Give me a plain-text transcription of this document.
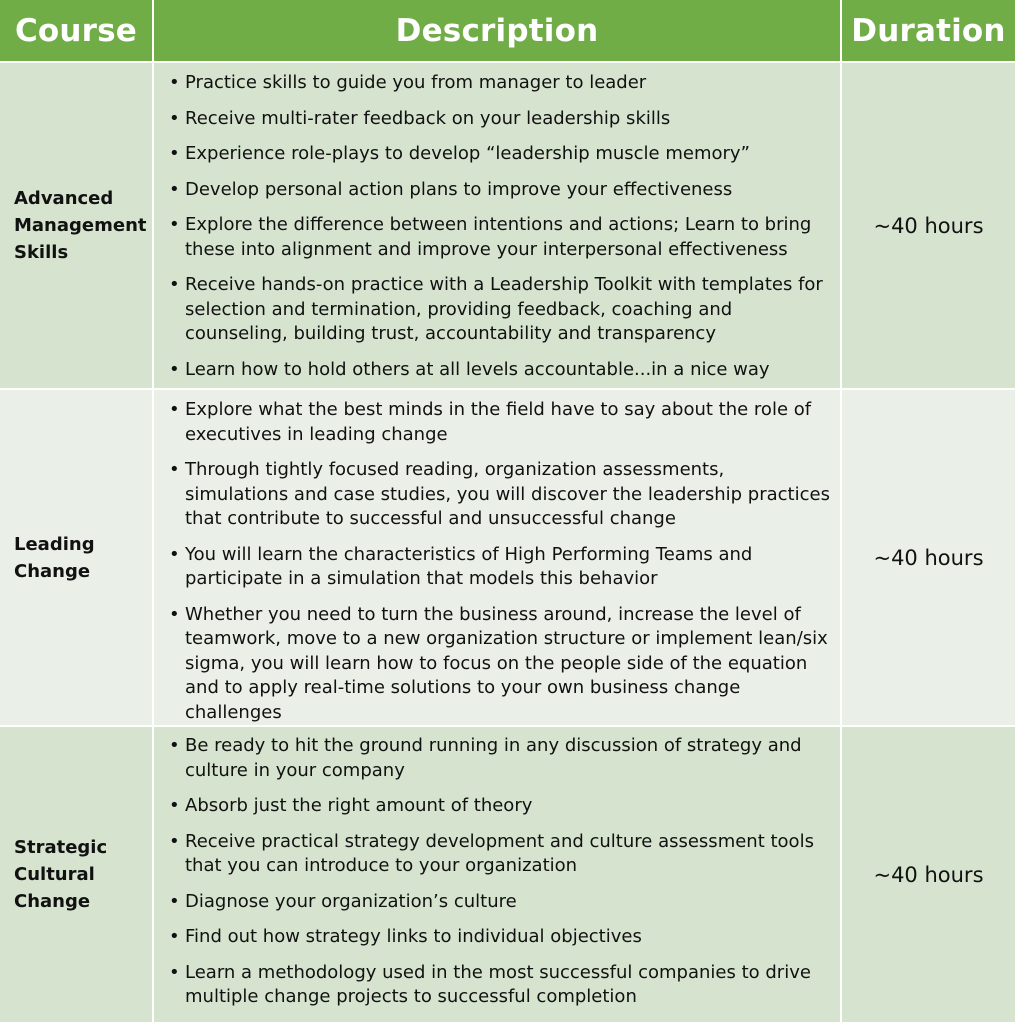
Course	Description	Duration
Advanced
Management
Skills
• Practice skills to guide you from manager to leader
• Receive multi-rater feedback on your leadership skills
• Experience role-plays to develop “leadership muscle memory”
• Develop personal action plans to improve your effectiveness
• Explore the difference between intentions and actions; Learn to bring these into alignment and improve your interpersonal effectiveness
• Receive hands-on practice with a Leadership Toolkit with templates for selection and termination, providing feedback, coaching and counseling, building trust, accountability and transparency
• Learn how to hold others at all levels accountable...in a nice way
~40 hours
Leading
Change
• Explore what the best minds in the field have to say about the role of executives in leading change
• Through tightly focused reading, organization assessments, simulations and case studies, you will discover the leadership practices that contribute to successful and unsuccessful change
• You will learn the characteristics of High Performing Teams and participate in a simulation that models this behavior
• Whether you need to turn the business around, increase the level of teamwork, move to a new organization structure or implement lean/six sigma, you will learn how to focus on the people side of the equation and to apply real-time solutions to your own business change challenges
~40 hours
Strategic
Cultural
Change
• Be ready to hit the ground running in any discussion of strategy and culture in your company
• Absorb just the right amount of theory
• Receive practical strategy development and culture assessment tools that you can introduce to your organization
• Diagnose your organization’s culture
• Find out how strategy links to individual objectives
• Learn a methodology used in the most successful companies to drive multiple change projects to successful completion
~40 hours
